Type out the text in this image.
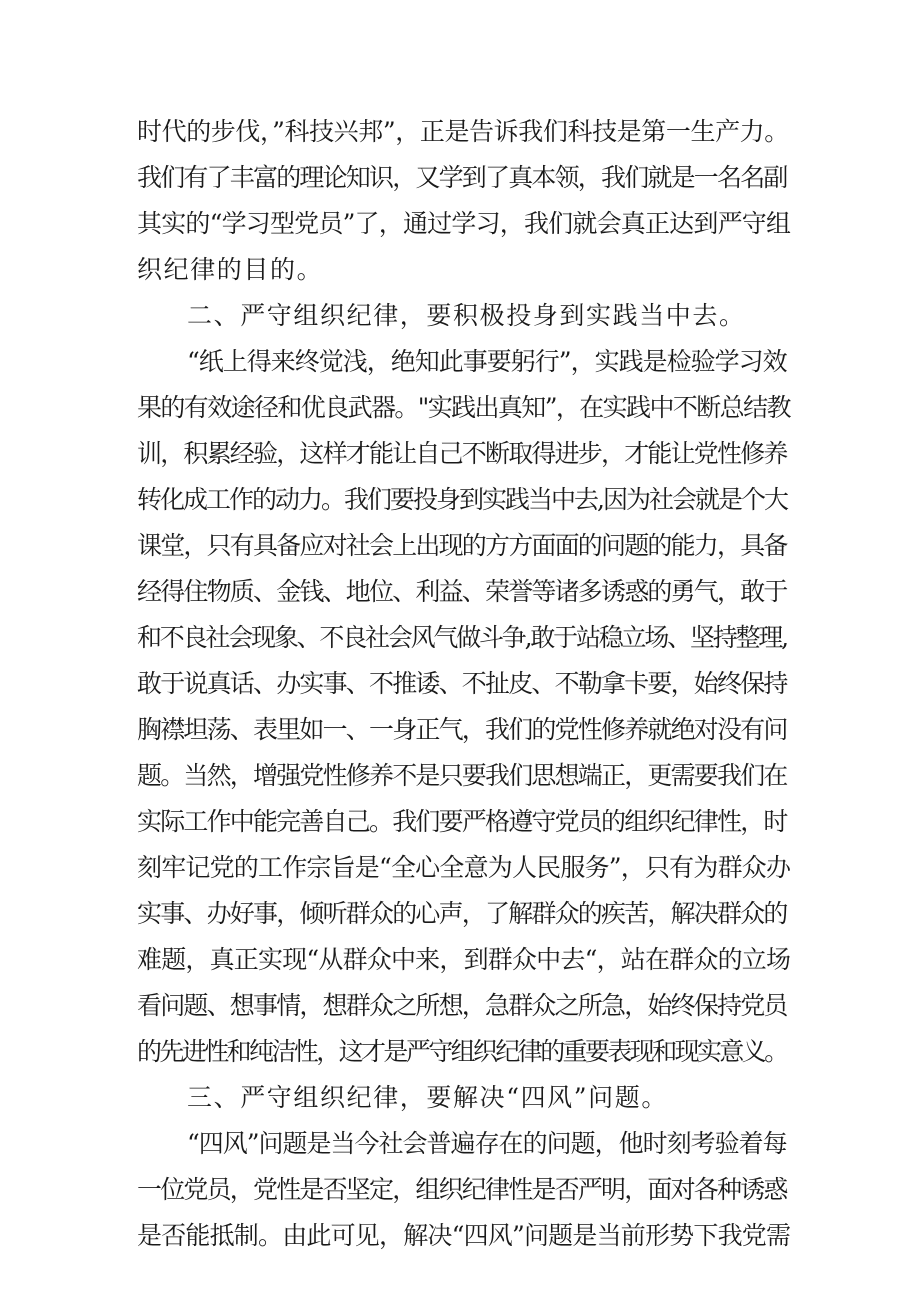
时代的步伐，”科技兴邦”，正是告诉我们科技是第一生产力。
我们有了丰富的理论知识，又学到了真本领，我们就是一名名副
其实的“学习型党员”了，通过学习，我们就会真正达到严守组
织纪律的目的。
二、严守组织纪律，要积极投身到实践当中去。
“纸上得来终觉浅，绝知此事要躬行”，实践是检验学习效
果的有效途径和优良武器。"实践出真知”，在实践中不断总结教
训，积累经验，这样才能让自己不断取得进步，才能让党性修养
转化成工作的动力。我们要投身到实践当中去,因为社会就是个大
课堂，只有具备应对社会上出现的方方面面的问题的能力，具备
经得住物质、金钱、地位、利益、荣誉等诸多诱惑的勇气，敢于
和不良社会现象、不良社会风气做斗争,敢于站稳立场、坚持整理,
敢于说真话、办实事、不推诿、不扯皮、不勒拿卡要，始终保持
胸襟坦荡、表里如一、一身正气，我们的党性修养就绝对没有问
题。当然，增强党性修养不是只要我们思想端正，更需要我们在
实际工作中能完善自己。我们要严格遵守党员的组织纪律性，时
刻牢记党的工作宗旨是“全心全意为人民服务”，只有为群众办
实事、办好事，倾听群众的心声，了解群众的疾苦，解决群众的
难题，真正实现“从群众中来，到群众中去“，站在群众的立场
看问题、想事情，想群众之所想，急群众之所急，始终保持党员
的先进性和纯洁性，这才是严守组织纪律的重要表现和现实意义。
三、严守组织纪律，要解决“四风”问题。
“四风”问题是当今社会普遍存在的问题，他时刻考验着每
一位党员，党性是否坚定，组织纪律性是否严明，面对各种诱惑
是否能抵制。由此可见，解决“四风”问题是当前形势下我党需
